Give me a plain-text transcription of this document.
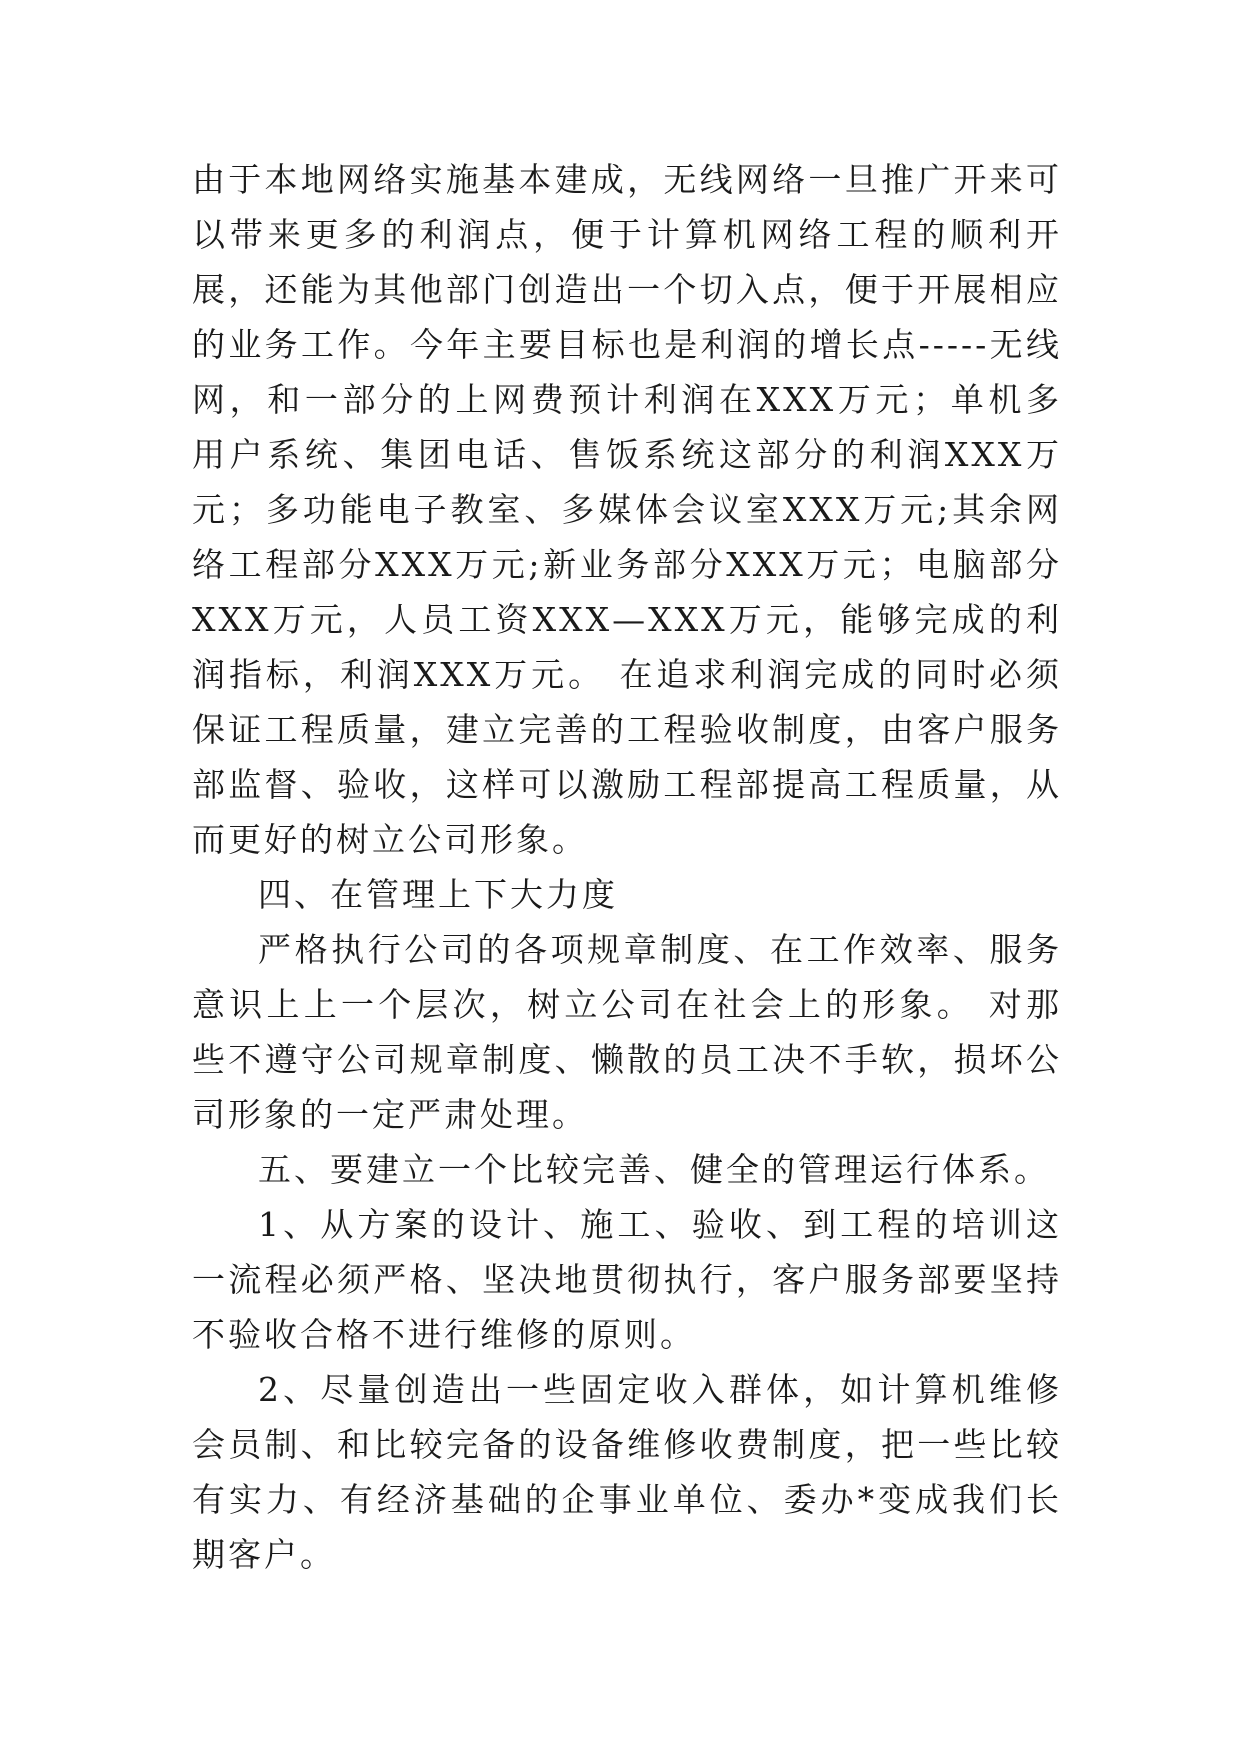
由于本地网络实施基本建成，无线网络一旦推广开来可以带来更多的利润点，便于计算机网络工程的顺利开展，还能为其他部门创造出一个切入点，便于开展相应的业务工作。今年主要目标也是利润的增长点-----无线网，和一部分的上网费预计利润在XXX万元；单机多用户系统、集团电话、售饭系统这部分的利润XXX万元；多功能电子教室、多媒体会议室XXX万元;其余网络工程部分XXX万元;新业务部分XXX万元；电脑部分XXX万元，人员工资XXX—XXX万元，能够完成的利润指标，利润XXX万元。 在追求利润完成的同时必须保证工程质量，建立完善的工程验收制度，由客户服务部监督、验收，这样可以激励工程部提高工程质量，从而更好的树立公司形象。

四、在管理上下大力度

严格执行公司的各项规章制度、在工作效率、服务意识上上一个层次，树立公司在社会上的形象。 对那些不遵守公司规章制度、懒散的员工决不手软，损坏公司形象的一定严肃处理。

五、要建立一个比较完善、健全的管理运行体系。

1、从方案的设计、施工、验收、到工程的培训这一流程必须严格、坚决地贯彻执行，客户服务部要坚持不验收合格不进行维修的原则。

2、尽量创造出一些固定收入群体，如计算机维修会员制、和比较完备的设备维修收费制度，把一些比较有实力、有经济基础的企事业单位、委办*变成我们长期客户。
